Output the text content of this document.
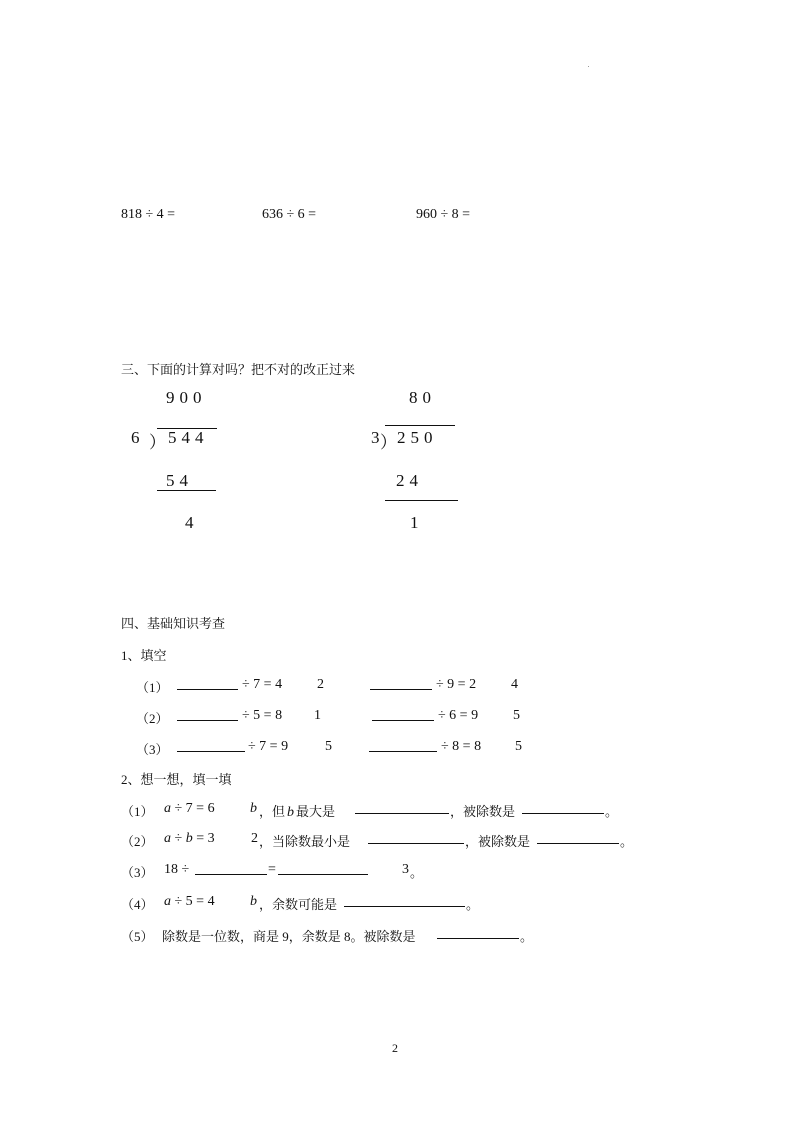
818 ÷ 4 =	636 ÷ 6 =	960 ÷ 8 =
三、下面的计算对吗？把不对的改正过来
900
6 ） 544
54
4
80
3 ） 250
24
1
四、基础知识考查
1、填空
（1）	÷ 7 = 4 2	÷ 9 = 2 4
（2）	÷ 5 = 8 1	÷ 6 = 9 5
（3）	÷ 7 = 9	5	÷ 8 = 8 5
2、想一想，填一填
（1） a ÷ 7 = 6	b ，但 b 最大是	，被除数是	。
（2） a ÷ b = 3	2 ，当除数最小是	，被除数是	。
（3） 18 ÷	=	3 。
（4） a ÷ 5 = 4	b ，余数可能是	。
（5） 除数是一位数，商是 9，余数是 8。被除数是	。
2
